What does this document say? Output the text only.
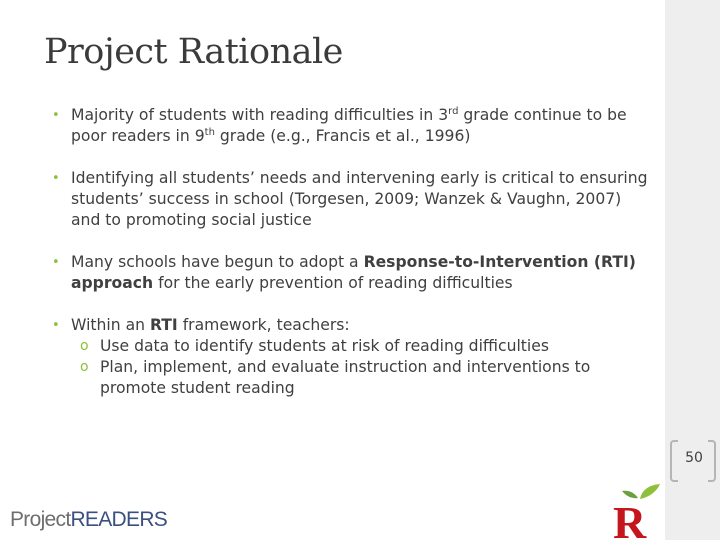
Project Rationale
• Majority of students with reading difficulties in 3rd grade continue to be poor readers in 9th grade (e.g., Francis et al., 1996)
• Identifying all students’ needs and intervening early is critical to ensuring students’ success in school (Torgesen, 2009; Wanzek & Vaughn, 2007) and to promoting social justice
• Many schools have begun to adopt a Response-to-Intervention (RTI) approach for the early prevention of reading difficulties
• Within an RTI framework, teachers:
o Use data to identify students at risk of reading difficulties
o Plan, implement, and evaluate instruction and interventions to promote student reading
50
ProjectREADERS	R
